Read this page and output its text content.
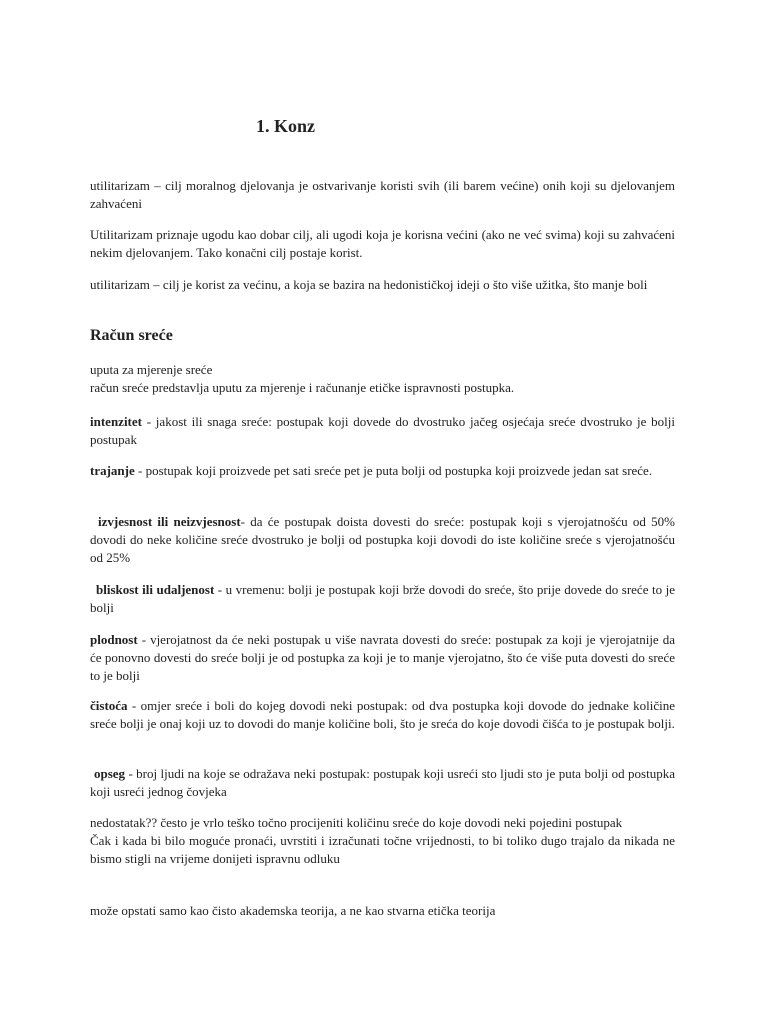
1. Konz

utilitarizam – cilj moralnog djelovanja je ostvarivanje koristi svih (ili barem većine) onih koji su djelovanjem zahvaćeni

Utilitarizam priznaje ugodu kao dobar cilj, ali ugodi koja je korisna većini (ako ne već svima) koji su zahvaćeni nekim djelovanjem. Tako konačni cilj postaje korist.

utilitarizam – cilj je korist za većinu, a koja se bazira na hedonističkoj ideji o što više užitka, što manje boli

Račun sreće

uputa za mjerenje sreće
račun sreće predstavlja uputu za mjerenje i računanje etičke ispravnosti postupka.

intenzitet - jakost ili snaga sreće: postupak koji dovede do dvostruko jačeg osjećaja sreće dvostruko je bolji postupak

trajanje - postupak koji proizvede pet sati sreće pet je puta bolji od postupka koji proizvede jedan sat sreće.

izvjesnost ili neizvjesnost- da će postupak doista dovesti do sreće: postupak koji s vjerojatnošću od 50% dovodi do neke količine sreće dvostruko je bolji od postupka koji dovodi do iste količine sreće s vjerojatnošću od 25%

bliskost ili udaljenost - u vremenu: bolji je postupak koji brže dovodi do sreće, što prije dovede do sreće to je bolji

plodnost - vjerojatnost da će neki postupak u više navrata dovesti do sreće: postupak za koji je vjerojatnije da će ponovno dovesti do sreće bolji je od postupka za koji je to manje vjerojatno, što će više puta dovesti do sreće to je bolji

čistoća - omjer sreće i boli do kojeg dovodi neki postupak: od dva postupka koji dovode do jednake količine sreće bolji je onaj koji uz to dovodi do manje količine boli, što je sreća do koje dovodi čišća to je postupak bolji.

opseg - broj ljudi na koje se odražava neki postupak: postupak koji usreći sto ljudi sto je puta bolji od postupka koji usreći jednog čovjeka

nedostatak?? često je vrlo teško točno procijeniti količinu sreće do koje dovodi neki pojedini postupak
Čak i kada bi bilo moguće pronaći, uvrstiti i izračunati točne vrijednosti, to bi toliko dugo trajalo da nikada ne bismo stigli na vrijeme donijeti ispravnu odluku

može opstati samo kao čisto akademska teorija, a ne kao stvarna etička teorija
